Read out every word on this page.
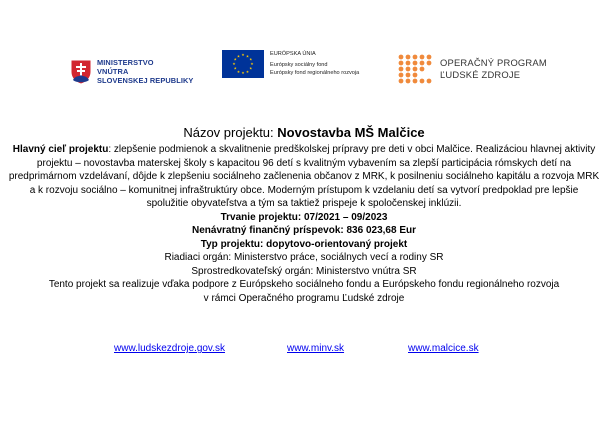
MINISTERSTVO
VNÚTRA
SLOVENSKEJ REPUBLIKY
★
★
★
★
★
★
★
★
★ ★ ★
★
EURÓPSKA ÚNIA
Európsky sociálny fond
Európsky fond regionálneho rozvoja
OPERAČNÝ PROGRAM
ĽUDSKÉ ZDROJE
Názov projektu: Novostavba MŠ Malčice
Hlavný cieľ projektu: zlepšenie podmienok a skvalitnenie predškolskej prípravy pre deti v obci Malčice. Realizáciou hlavnej aktivity projektu – novostavba materskej školy s kapacitou 96 detí s kvalitným vybavením sa zlepší participácia rómskych detí na predprimárnom vzdelávaní, dôjde k zlepšeniu sociálneho začlenenia občanov z MRK, k posilneniu sociálneho kapitálu a rozvoja MRK a k rozvoju sociálno – komunitnej infraštruktúry obce. Moderným prístupom k vzdelaniu detí sa vytvorí predpoklad pre lepšie spolužitie obyvateľstva a tým sa taktiež prispeje k spoločenskej inklúzii.
Trvanie projektu: 07/2021 – 09/2023
Nenávratný finančný príspevok: 836 023,68 Eur
Typ projektu: dopytovo-orientovaný projekt
Riadiaci orgán: Ministerstvo práce, sociálnych vecí a rodiny SR
Sprostredkovateľský orgán: Ministerstvo vnútra SR
Tento projekt sa realizuje vďaka podpore z Európskeho sociálneho fondu a Európskeho fondu regionálneho rozvoja
v rámci Operačného programu Ľudské zdroje
www.ludskezdroje.gov.sk	www.minv.sk	www.malcice.sk
